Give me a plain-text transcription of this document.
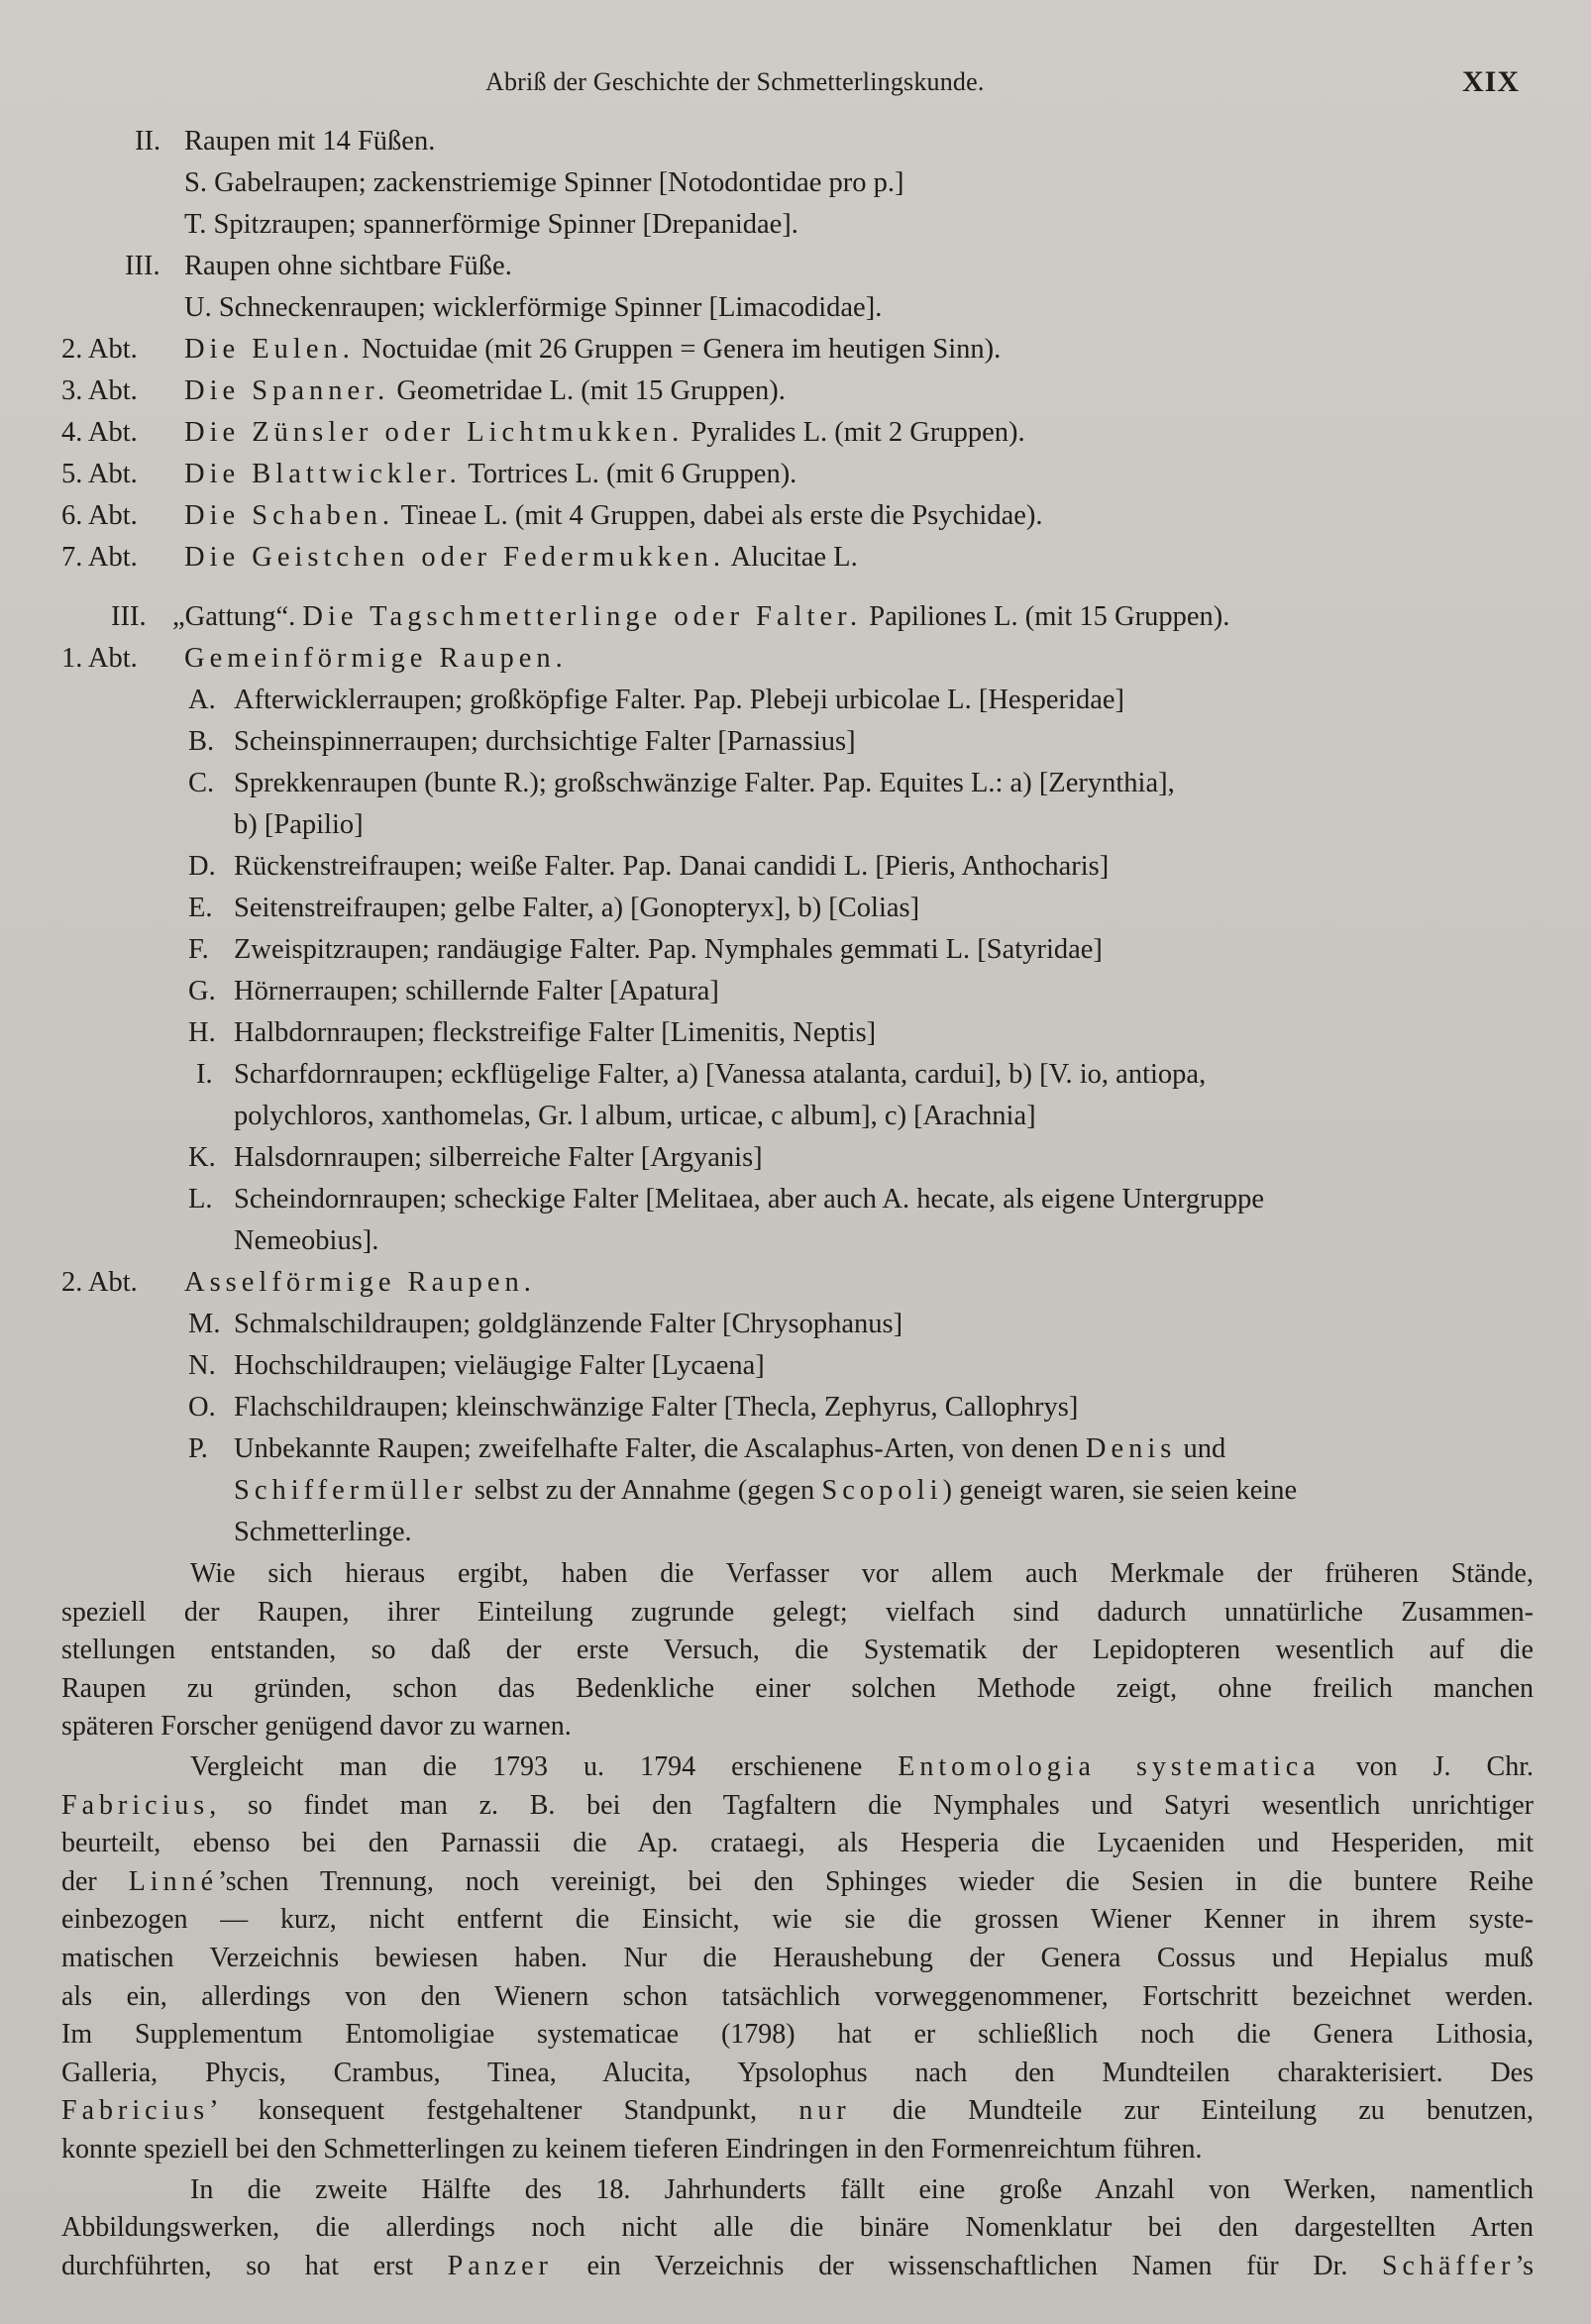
Abriß der Geschichte der Schmetterlingskunde.	XIX
II. Raupen mit 14 Füßen.
S. Gabelraupen; zackenstriemige Spinner [Notodontidae pro p.]
T. Spitzraupen; spannerförmige Spinner [Drepanidae].
III. Raupen ohne sichtbare Füße.
U. Schneckenraupen; wicklerförmige Spinner [Limacodidae].
2. Abt. Die Eulen. Noctuidae (mit 26 Gruppen = Genera im heutigen Sinn).
3. Abt. Die Spanner. Geometridae L. (mit 15 Gruppen).
4. Abt. Die Zünsler oder Lichtmukken. Pyralides L. (mit 2 Gruppen).
5. Abt. Die Blattwickler. Tortrices L. (mit 6 Gruppen).
6. Abt. Die Schaben. Tineae L. (mit 4 Gruppen, dabei als erste die Psychidae).
7. Abt. Die Geistchen oder Federmukken. Alucitae L.
III. „Gattung“. Die Tagschmetterlinge oder Falter. Papiliones L. (mit 15 Gruppen).
1. Abt. Gemeinförmige Raupen.
A. Afterwicklerraupen; großköpfige Falter. Pap. Plebeji urbicolae L. [Hesperidae]
B. Scheinspinnerraupen; durchsichtige Falter [Parnassius]
C. Sprekkenraupen (bunte R.); großschwänzige Falter. Pap. Equites L.: a) [Zerynthia],
b) [Papilio]
D. Rückenstreifraupen; weiße Falter. Pap. Danai candidi L. [Pieris, Anthocharis]
E. Seitenstreifraupen; gelbe Falter, a) [Gonopteryx], b) [Colias]
F. Zweispitzraupen; randäugige Falter. Pap. Nymphales gemmati L. [Satyridae]
G. Hörnerraupen; schillernde Falter [Apatura]
H. Halbdornraupen; fleckstreifige Falter [Limenitis, Neptis]
I. Scharfdornraupen; eckflügelige Falter, a) [Vanessa atalanta, cardui], b) [V. io, antiopa,
polychloros, xanthomelas, Gr. l album, urticae, c album], c) [Arachnia]
K. Halsdornraupen; silberreiche Falter [Argyanis]
L. Scheindornraupen; scheckige Falter [Melitaea, aber auch A. hecate, als eigene Untergruppe
Nemeobius].
2. Abt. Asselförmige Raupen.
M. Schmalschildraupen; goldglänzende Falter [Chrysophanus]
N. Hochschildraupen; vieläugige Falter [Lycaena]
O. Flachschildraupen; kleinschwänzige Falter [Thecla, Zephyrus, Callophrys]
P. Unbekannte Raupen; zweifelhafte Falter, die Ascalaphus-Arten, von denen Denis und
Schiffermüller selbst zu der Annahme (gegen Scopoli) geneigt waren, sie seien keine
Schmetterlinge.
Wie sich hieraus ergibt, haben die Verfasser vor allem auch Merkmale der früheren Stände,
speziell der Raupen, ihrer Einteilung zugrunde gelegt; vielfach sind dadurch unnatürliche Zusammen-
stellungen entstanden, so daß der erste Versuch, die Systematik der Lepidopteren wesentlich auf die
Raupen zu gründen, schon das Bedenkliche einer solchen Methode zeigt, ohne freilich manchen
späteren Forscher genügend davor zu warnen.
Vergleicht man die 1793 u. 1794 erschienene Entomologia systematica von J. Chr.
Fabricius, so findet man z. B. bei den Tagfaltern die Nymphales und Satyri wesentlich unrichtiger
beurteilt, ebenso bei den Parnassii die Ap. crataegi, als Hesperia die Lycaeniden und Hesperiden, mit
der Linné’schen Trennung, noch vereinigt, bei den Sphinges wieder die Sesien in die buntere Reihe
einbezogen — kurz, nicht entfernt die Einsicht, wie sie die grossen Wiener Kenner in ihrem syste-
matischen Verzeichnis bewiesen haben. Nur die Heraushebung der Genera Cossus und Hepialus muß
als ein, allerdings von den Wienern schon tatsächlich vorweggenommener, Fortschritt bezeichnet werden.
Im Supplementum Entomoligiae systematicae (1798) hat er schließlich noch die Genera Lithosia,
Galleria, Phycis, Crambus, Tinea, Alucita, Ypsolophus nach den Mundteilen charakterisiert. Des
Fabricius’ konsequent festgehaltener Standpunkt, nur die Mundteile zur Einteilung zu benutzen,
konnte speziell bei den Schmetterlingen zu keinem tieferen Eindringen in den Formenreichtum führen.
In die zweite Hälfte des 18. Jahrhunderts fällt eine große Anzahl von Werken, namentlich
Abbildungswerken, die allerdings noch nicht alle die binäre Nomenklatur bei den dargestellten Arten
durchführten, so hat erst Panzer ein Verzeichnis der wissenschaftlichen Namen für Dr. Schäffer’s
